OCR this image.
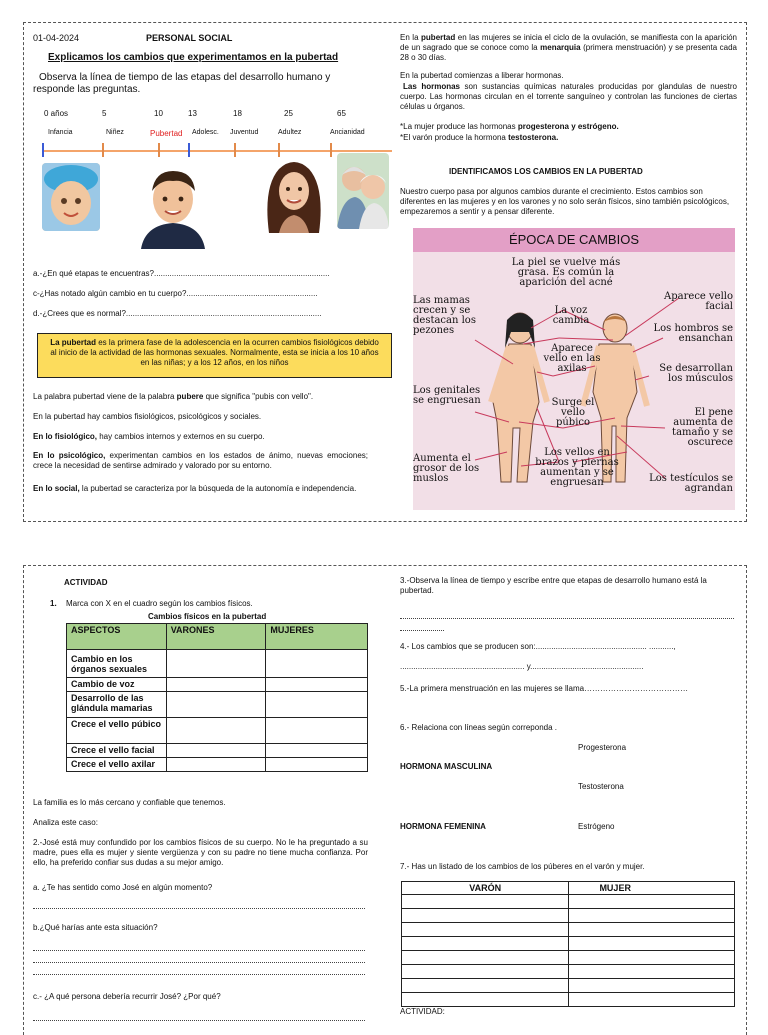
01-04-2024	PERSONAL SOCIAL
Explicamos los cambios que experimentamos en la pubertad
Observa la línea de tiempo de las etapas del desarrollo humano y responde las preguntas.
0 años	5	10	13	18	25	65
Infancia	Niñez	Pubertad Adolesc. Juventud	Adultez	Ancianidad
a.-¿En qué etapas te encuentras?...............................................................................
c-¿Has notado algún cambio en tu cuerpo?...........................................................
d.-¿Crees que es normal?........................................................................................
La pubertad es la primera fase de la adolescencia en la ocurren cambios fisiológicos debido al inicio de la actividad de las hormonas sexuales. Normalmente, esta se inicia a los 10 años en las niñas; y a los 12 años, en los niños
La palabra pubertad viene de la palabra pubere que significa "pubis con vello".
En la pubertad hay cambios fisiológicos, psicológicos y sociales.
En lo fisiológico, hay cambios internos y externos en su cuerpo.
En lo psicológico, experimentan cambios en los estados de ánimo, nuevas emociones; crece la necesidad de sentirse admirado y valorado por su entorno.
En lo social, la pubertad se caracteriza por la búsqueda de la autonomía e independencia.
En la pubertad en las mujeres se inicia el ciclo de la ovulación, se manifiesta con la aparición de un sagrado que se conoce como la menarquia (primera menstruación) y se presenta cada 28 o 30 días.
En la pubertad comienzas a liberar hormonas.
Las hormonas son sustancias químicas naturales producidas por glandulas de nuestro cuerpo. Las hormonas circulan en el torrente sanguíneo y controlan las funciones de ciertas células u órganos.
*La mujer produce las hormonas progesterona y estrógeno.
*El varón produce la hormona testosterona.
IDENTIFICAMOS LOS CAMBIOS EN LA PUBERTAD
Nuestro cuerpo pasa por algunos cambios durante el crecimiento. Estos cambios son diferentes en las mujeres y en los varones y no solo serán físicos, sino también psicológicos, empezaremos a sentir y a pensar diferente.
ÉPOCA DE CAMBIOS
La piel se vuelve más grasa. Es común la aparición del acné
Las mamas crecen y se destacan los pezones
La voz cambia
Aparece vello facial
Los hombros se ensanchan
Aparece vello en las axilas	Se desarrollan los músculos
Los genitales se engruesan	Surge el vello púbico
El pene aumenta de tamaño y se oscurece
Aumenta el grosor de los muslos
Los vellos en brazos y piernas aumentan y se engruesan	Los testículos se agrandan
ACTIVIDAD
1. Marca con X en el cuadro según los cambios físicos.
Cambios físicos en la pubertad
ASPECTOS	VARONES	MUJERES
Cambio en los órganos sexuales		
Cambio de voz		
Desarrollo de las glándula mamarias		
Crece el vello púbico		
Crece el vello facial		
Crece el vello axilar		
La familia es lo más cercano y confiable que tenemos.
Analiza este caso:
2.-José está muy confundido por los cambios físicos de su cuerpo. No le ha preguntado a su madre, pues ella es mujer y siente vergüenza y con su padre no tiene mucha confianza. Por ello, ha preferido confiar sus dudas a su mejor amigo.
a. ¿Te has sentido como José en algún momento?
b.¿Qué harías ante esta situación?
c.- ¿A qué persona debería recurrir José? ¿Por qué?
3.-Observa la línea de tiempo y escribe entre que etapas de desarrollo humano está la pubertad.
4.- Los cambios que se producen son:.................................................. ...........,
........................................................ y...................................................
5.-La primera menstruación en las mujeres se llama…………………………………
6.- Relaciona con líneas según correponda .
Progesterona
HORMONA MASCULINA
Testosterona
HORMONA FEMENINA	Estrógeno
7.- Has un listado de los cambios de los púberes en el varón y mujer.
VARÓN	MUJER

ACTIVIDAD:
